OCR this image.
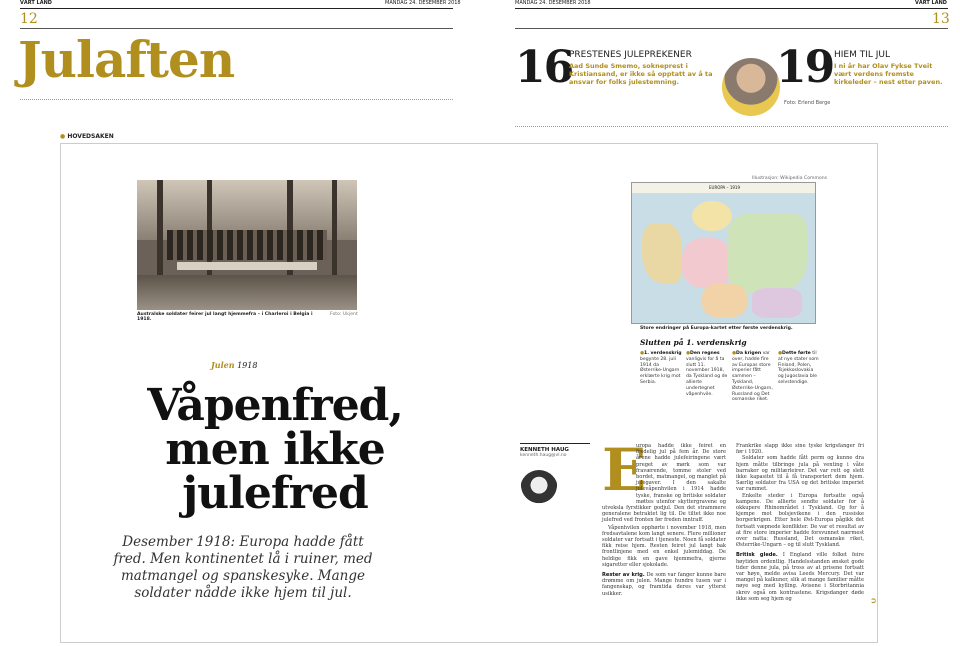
VÅRT LAND	MANDAG 24. DESEMBER 2018
12
Julaften
MANDAG 24. DESEMBER 2018	VÅRT LAND
13
16
PRESTENES JULEPREKENER
Aad Sunde Smemo, sokneprest i Kristiansand, er ikke så opptatt av å ta ansvar for folks julestemning.	19 HIEM TIL JUL
I ni år har Olav Fykse Tveit vært verdens fremste kirkeleder – nest etter paven.
Foto: Erlend Berge
● HOVEDSAKEN
Australske soldater feirer jul langt hjemmefra – i Charleroi i Belgia i 1918.
Foto: Ukjent
Julen 1918
Våpenfred,
men ikke
julefred
Desember 1918: Europa hadde fått fred. Men kontinentet lå i ruiner, med matmangel og spanskesyke. Mange soldater nådde ikke hjem til jul.
KENNETH HAUG
kenneth.haug@vl.no E
uropa hadde ikke feiret en fredelig jul på fem år. De store årene hadde julefeiringene vært preget av mørk som var fraværende, tomme stoler ved bordet, matmangel, og manglet på julegaver. I den sakalte julevåpenhvilen i 1914 hadde tyske, franske og britiske soldater møttes utenfor skyttergravene og utveksla fyrstikker godjul. Den det strammere generalene betraktet lig til. De tiltet ikke noe julefred ved fronten før freden inntraff.

Våpenhvilen opphørte i november 1918, men fredsavtalene kom langt senere. Flere millioner soldater var fortsatt i tjeneste. Noen få soldater fikk reise hjem. Resten feiret jul langt bak frontlinjene med en enkel julemiddag. De heldige fikk en gave hjemmefra, gjerne sigaretter eller sjokolade.

Rester av krig. De som var fanger kunne bare drømme om julen. Mange hundre tusen var i fangenskap, og framtida deres var ytterst usikker.

Frankrike slapp ikke sine tyske krigsfanger fri før i 1920.

Soldater som hadde fått perm og kunne dra hjem måtte tilbringe jula på venting i våte barraker og militærleirer. Det var rett og slett ikke kapasitet til å få transportert dem hjem. Særlig soldater fra USA og det britiske imperiet var rammet.

Enkelte steder i Europa fortsatte også kampene. De allierte sendte soldater for å okkupere Rhinområdet i Tyskland. Og for å kjempe mot bolsjevikene i den russiske borgerkrigen. Etter hele Øst-Europa pågikk det fortsatt væpnede konflikter. De var et resultat av at fire store imperier hadde forsvunnet nærmest over natta: Russland, Det osmanske riket, Østerrike-Ungarn – og til slutt Tyskland.

Britisk glede. I England ville folket feire høytiden ordentlig. Handelsstanden ønsket gode tider denne jula, på tross av at prisene fortsatt var høye, melde avisa Leeds Mercury. Det var mangel på kalkuner, slik at mange familier måtte nøye seg med kylling. Avisene i Storbritannia skrev også om kontrastene. Krigsdanger døde ikke som seg hjem og	➲
Illustrasjon: Wikipedia Commons
EUROPA – 1919
Store endringer på Europa-kartet etter første verdenskrig.
Slutten på 1. verdenskrig
●1. verdenskrig begynte 28. juli 1914 da Østerrike-Ungarn erklærte krig mot Serbia.
●Den regnes vanligvis for å ta slutt 11. november 1918, da Tyskland og de allierte undertegnet våpenhvile.
●Da krigen var over, hadde fire av Europas store imperier fått sammen – Tyskland, Østerrike-Ungarn, Russland og Det osmanske riket.
●Dette førte til at nye stater som Finland, Polen, Tsjekkoslovakia og Jugoslavia ble selvstendige.
